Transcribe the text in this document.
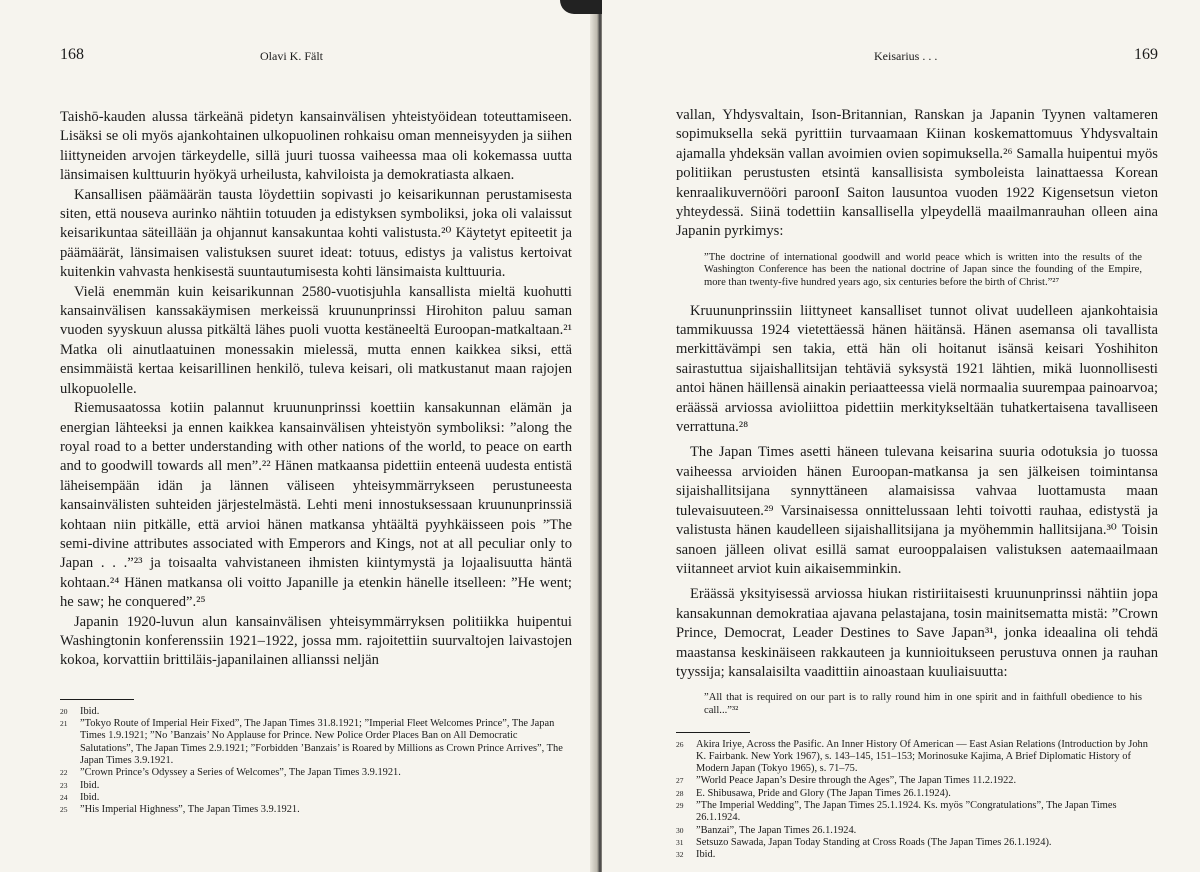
168	Olavi K. Fält

Taishō-kauden alussa tärkeänä pidetyn kansainvälisen yhteistyöidean toteuttamiseen. Lisäksi se oli myös ajankohtainen ulkopuolinen rohkaisu oman menneisyyden ja siihen liittyneiden arvojen tärkeydelle, sillä juuri tuossa vaiheessa maa oli kokemassa uutta länsimaisen kulttuurin hyökyä urheilusta, kahviloista ja demokratiasta alkaen.

Kansallisen päämäärän tausta löydettiin sopivasti jo keisarikunnan perustamisesta siten, että nouseva aurinko nähtiin totuuden ja edistyksen symboliksi, joka oli valaissut keisarikuntaa säteillään ja ohjannut kansakuntaa kohti valistusta.²⁰ Käytetyt epiteetit ja päämäärät, länsimaisen valistuksen suuret ideat: totuus, edistys ja valistus kertoivat kuitenkin vahvasta henkisestä suuntautumisesta kohti länsimaista kulttuuria.

Vielä enemmän kuin keisarikunnan 2580-vuotisjuhla kansallista mieltä kuohutti kansainvälisen kanssakäymisen merkeissä kruununprinssi Hirohiton paluu saman vuoden syyskuun alussa pitkältä lähes puoli vuotta kestäneeltä Euroopan-matkaltaan.²¹ Matka oli ainutlaatuinen monessakin mielessä, mutta ennen kaikkea siksi, että ensimmäistä kertaa keisarillinen henkilö, tuleva keisari, oli matkustanut maan rajojen ulkopuolelle.

Riemusaatossa kotiin palannut kruununprinssi koettiin kansakunnan elämän ja energian lähteeksi ja ennen kaikkea kansainvälisen yhteistyön symboliksi: ”along the royal road to a better understanding with other nations of the world, to peace on earth and to goodwill towards all men”.²² Hänen matkaansa pidettiin enteenä uudesta entistä läheisempään idän ja lännen väliseen yhteisymmärrykseen perustuneesta kansainvälisten suhteiden järjestelmästä. Lehti meni innostuksessaan kruununprinssiä kohtaan niin pitkälle, että arvioi hänen matkansa yhtäältä pyyhkäisseen pois ”The semi-divine attributes associated with Emperors and Kings, not at all peculiar only to Japan . . .”²³ ja toisaalta vahvistaneen ihmisten kiintymystä ja lojaalisuutta häntä kohtaan.²⁴ Hänen matkansa oli voitto Japanille ja etenkin hänelle itselleen: ”He went; he saw; he conquered”.²⁵

Japanin 1920-luvun alun kansainvälisen yhteisymmärryksen politiikka huipentui Washingtonin konferenssiin 1921–1922, jossa mm. rajoitettiin suurvaltojen laivastojen kokoa, korvattiin brittiläis-japanilainen allianssi neljän

20	Ibid.
21	”Tokyo Route of Imperial Heir Fixed”, The Japan Times 31.8.1921; ”Imperial Fleet Welcomes Prince”, The Japan Times 1.9.1921; ”No ’Banzais’ No Applause for Prince. New Police Order Places Ban on All Democratic Salutations”, The Japan Times 2.9.1921; ”Forbidden ’Banzais’ is Roared by Millions as Crown Prince Arrives”, The Japan Times 3.9.1921.
22	”Crown Prince’s Odyssey a Series of Welcomes”, The Japan Times 3.9.1921.
23	Ibid.
24	Ibid.
25	”His Imperial Highness”, The Japan Times 3.9.1921.
Keisarius . . .	169

vallan, Yhdysvaltain, Ison-Britannian, Ranskan ja Japanin Tyynen valtameren sopimuksella sekä pyrittiin turvaamaan Kiinan koskemattomuus Yhdysvaltain ajamalla yhdeksän vallan avoimien ovien sopimuksella.²⁶ Samalla huipentui myös politiikan perustusten etsintä kansallisista symboleista lainattaessa Korean kenraalikuvernööri paroonI Saiton lausuntoa vuoden 1922 Kigensetsun vieton yhteydessä. Siinä todettiin kansallisella ylpeydellä maailmanrauhan olleen aina Japanin pyrkimys:

”The doctrine of international goodwill and world peace which is written into the results of the Washington Conference has been the national doctrine of Japan since the founding of the Empire, more than twenty-five hundred years ago, six centuries before the birth of Christ.”²⁷

Kruununprinssiin liittyneet kansalliset tunnot olivat uudelleen ajankohtaisia tammikuussa 1924 vietettäessä hänen häitänsä. Hänen asemansa oli tavallista merkittävämpi sen takia, että hän oli hoitanut isänsä keisari Yoshihiton sairastuttua sijaishallitsijan tehtäviä syksystä 1921 lähtien, mikä luonnollisesti antoi hänen häillensä ainakin periaatteessa vielä normaalia suurempaa painoarvoa; eräässä arviossa avioliittoa pidettiin merkitykseltään tuhatkertaisena tavalliseen verrattuna.²⁸

The Japan Times asetti häneen tulevana keisarina suuria odotuksia jo tuossa vaiheessa arvioiden hänen Euroopan-matkansa ja sen jälkeisen toimintansa sijaishallitsijana synnyttäneen alamaisissa vahvaa luottamusta maan tulevaisuuteen.²⁹ Varsinaisessa onnittelussaan lehti toivotti rauhaa, edistystä ja valistusta hänen kaudelleen sijaishallitsijana ja myöhemmin hallitsijana.³⁰ Toisin sanoen jälleen olivat esillä samat eurooppalaisen valistuksen aatemaailmaan viitanneet arviot kuin aikaisemminkin.

Eräässä yksityisessä arviossa hiukan ristiriitaisesti kruununprinssi nähtiin jopa kansakunnan demokratiaa ajavana pelastajana, tosin mainitsematta mistä: ”Crown Prince, Democrat, Leader Destines to Save Japan³¹, jonka ideaalina oli tehdä maastansa keskinäiseen rakkauteen ja kunnioitukseen perustuva onnen ja rauhan tyyssija; kansalaisilta vaadittiin ainoastaan kuuliaisuutta:

”All that is required on our part is to rally round him in one spirit and in faithfull obedience to his call...”³²
26	Akira Iriye, Across the Pasific. An Inner History Of American — East Asian Relations (Introduction by John K. Fairbank. New York 1967), s. 143–145, 151–153; Morinosuke Kajima, A Brief Diplomatic History of Modern Japan (Tokyo 1965), s. 71–75.
27	”World Peace Japan’s Desire through the Ages”, The Japan Times 11.2.1922.
28	E. Shibusawa, Pride and Glory (The Japan Times 26.1.1924).
29	”The Imperial Wedding”, The Japan Times 25.1.1924. Ks. myös ”Congratulations”, The Japan Times 26.1.1924.
30	”Banzai”, The Japan Times 26.1.1924.
31	Setsuzo Sawada, Japan Today Standing at Cross Roads (The Japan Times 26.1.1924).
32	Ibid.
